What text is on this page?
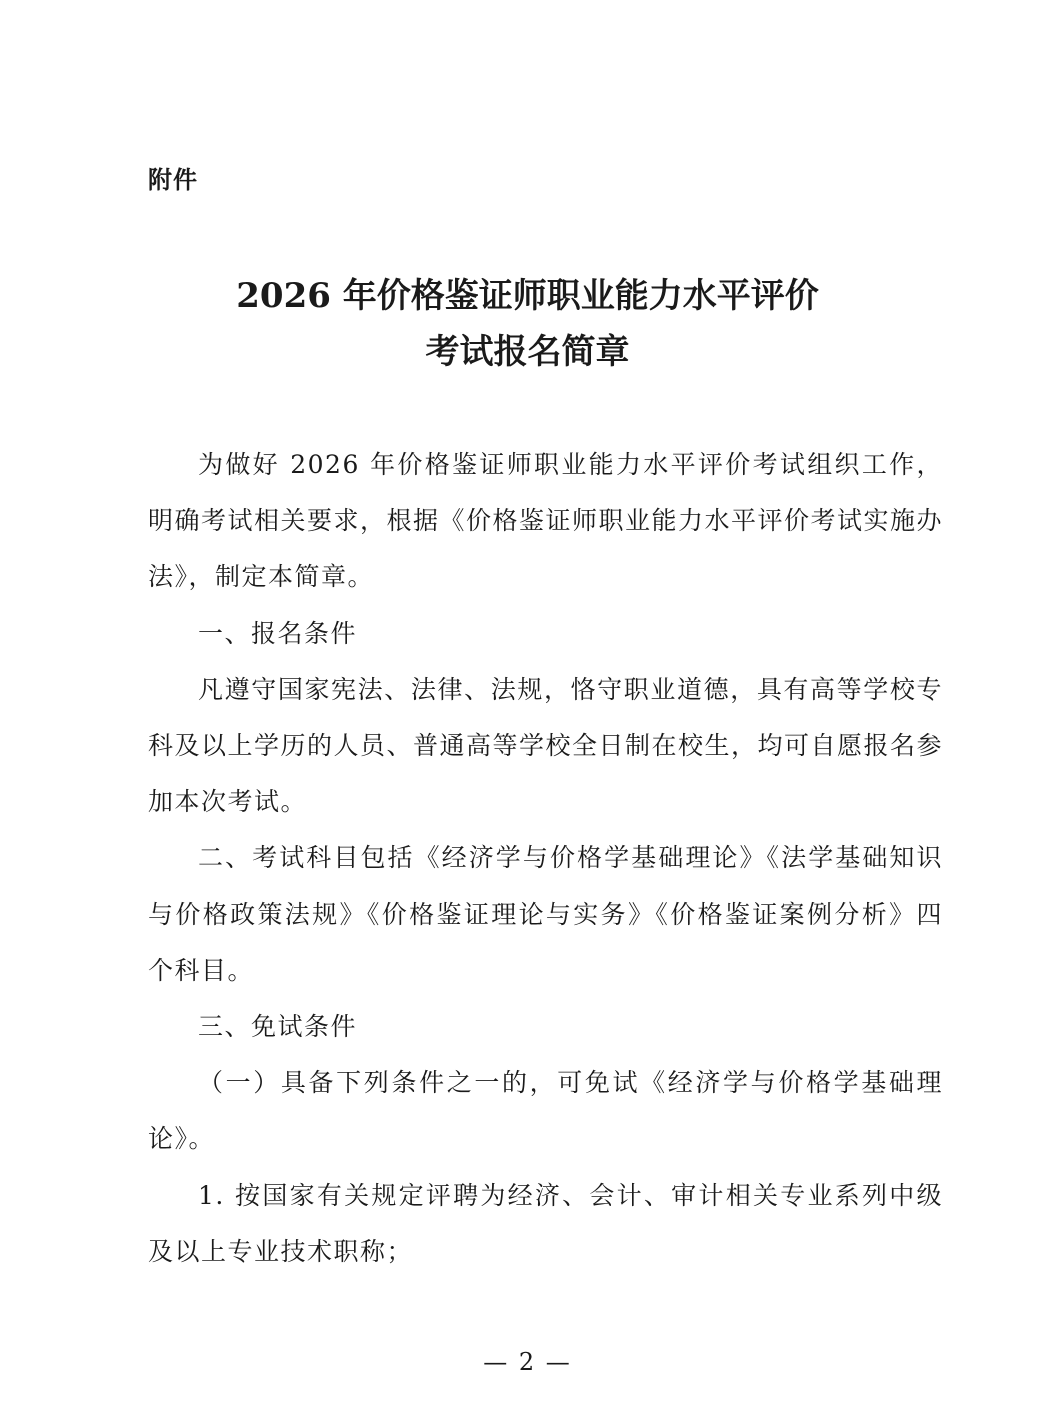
附件
2026 年价格鉴证师职业能力水平评价
考试报名简章

为做好 2026 年价格鉴证师职业能力水平评价考试组织工作，明确考试相关要求，根据《价格鉴证师职业能力水平评价考试实施办法》，制定本简章。

一、报名条件

凡遵守国家宪法、法律、法规，恪守职业道德，具有高等学校专科及以上学历的人员、普通高等学校全日制在校生，均可自愿报名参加本次考试。

二、考试科目包括《经济学与价格学基础理论》《法学基础知识与价格政策法规》《价格鉴证理论与实务》《价格鉴证案例分析》四个科目。

三、免试条件

（一）具备下列条件之一的，可免试《经济学与价格学基础理论》。

1. 按国家有关规定评聘为经济、会计、审计相关专业系列中级及以上专业技术职称；

— 2 —
